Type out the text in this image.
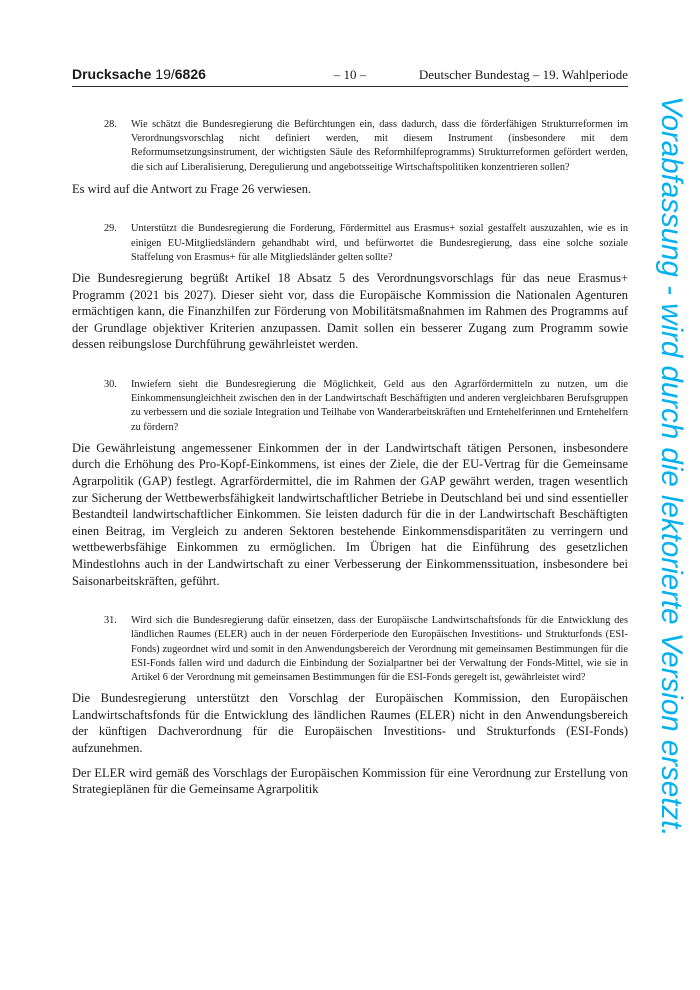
Drucksache 19/6826	– 10 –	Deutscher Bundestag – 19. Wahlperiode
28. Wie schätzt die Bundesregierung die Befürchtungen ein, dass dadurch, dass die förderfähigen Strukturreformen im Verordnungsvorschlag nicht definiert werden, mit diesem Instrument (insbesondere mit dem Reformumsetzungsinstrument, der wichtigsten Säule des Reformhilfeprogramms) Strukturreformen gefördert werden, die sich auf Liberalisierung, Deregulierung und angebotsseitige Wirtschaftspolitiken konzentrieren sollen?

Es wird auf die Antwort zu Frage 26 verwiesen.

29. Unterstützt die Bundesregierung die Forderung, Fördermittel aus Erasmus+ sozial gestaffelt auszuzahlen, wie es in einigen EU-Mitgliedsländern gehandhabt wird, und befürwortet die Bundesregierung, dass eine solche soziale Staffelung von Erasmus+ für alle Mitgliedsländer gelten sollte?

Die Bundesregierung begrüßt Artikel 18 Absatz 5 des Verordnungsvorschlags für das neue Erasmus+ Programm (2021 bis 2027). Dieser sieht vor, dass die Europäische Kommission die Nationalen Agenturen ermächtigen kann, die Finanzhilfen zur Förderung von Mobilitätsmaßnahmen im Rahmen des Programms auf der Grundlage objektiver Kriterien anzupassen. Damit sollen ein besserer Zugang zum Programm sowie dessen reibungslose Durchführung gewährleistet werden.

30. Inwiefern sieht die Bundesregierung die Möglichkeit, Geld aus den Agrarfördermitteln zu nutzen, um die Einkommensungleichheit zwischen den in der Landwirtschaft Beschäftigten und anderen vergleichbaren Berufsgruppen zu verbessern und die soziale Integration und Teilhabe von Wanderarbeitskräften und Erntehelferinnen und Erntehelfern zu fördern?

Die Gewährleistung angemessener Einkommen der in der Landwirtschaft tätigen Personen, insbesondere durch die Erhöhung des Pro-Kopf-Einkommens, ist eines der Ziele, die der EU-Vertrag für die Gemeinsame Agrarpolitik (GAP) festlegt. Agrarfördermittel, die im Rahmen der GAP gewährt werden, tragen wesentlich zur Sicherung der Wettbewerbsfähigkeit landwirtschaftlicher Betriebe in Deutschland bei und sind essentieller Bestandteil landwirtschaftlicher Einkommen. Sie leisten dadurch für die in der Landwirtschaft Beschäftigten einen Beitrag, im Vergleich zu anderen Sektoren bestehende Einkommensdisparitäten zu verringern und wettbewerbsfähige Einkommen zu ermöglichen. Im Übrigen hat die Einführung des gesetzlichen Mindestlohns auch in der Landwirtschaft zu einer Verbesserung der Einkommenssituation, insbesondere bei Saisonarbeitskräften, geführt.

31. Wird sich die Bundesregierung dafür einsetzen, dass der Europäische Landwirtschaftsfonds für die Entwicklung des ländlichen Raumes (ELER) auch in der neuen Förderperiode den Europäischen Investitions- und Strukturfonds (ESI-Fonds) zugeordnet wird und somit in den Anwendungsbereich der Verordnung mit gemeinsamen Bestimmungen für die ESI-Fonds fallen wird und dadurch die Einbindung der Sozialpartner bei der Verwaltung der Fonds-Mittel, wie sie in Artikel 6 der Verordnung mit gemeinsamen Bestimmungen für die ESI-Fonds geregelt ist, gewährleistet wird?

Die Bundesregierung unterstützt den Vorschlag der Europäischen Kommission, den Europäischen Landwirtschaftsfonds für die Entwicklung des ländlichen Raumes (ELER) nicht in den Anwendungsbereich der künftigen Dachverordnung für die Europäischen Investitions- und Strukturfonds (ESI-Fonds) aufzunehmen.

Der ELER wird gemäß des Vorschlags der Europäischen Kommission für eine Verordnung zur Erstellung von Strategieplänen für die Gemeinsame Agrarpolitik	Vorabfassung - wird durch die lektorierte Version ersetzt.
